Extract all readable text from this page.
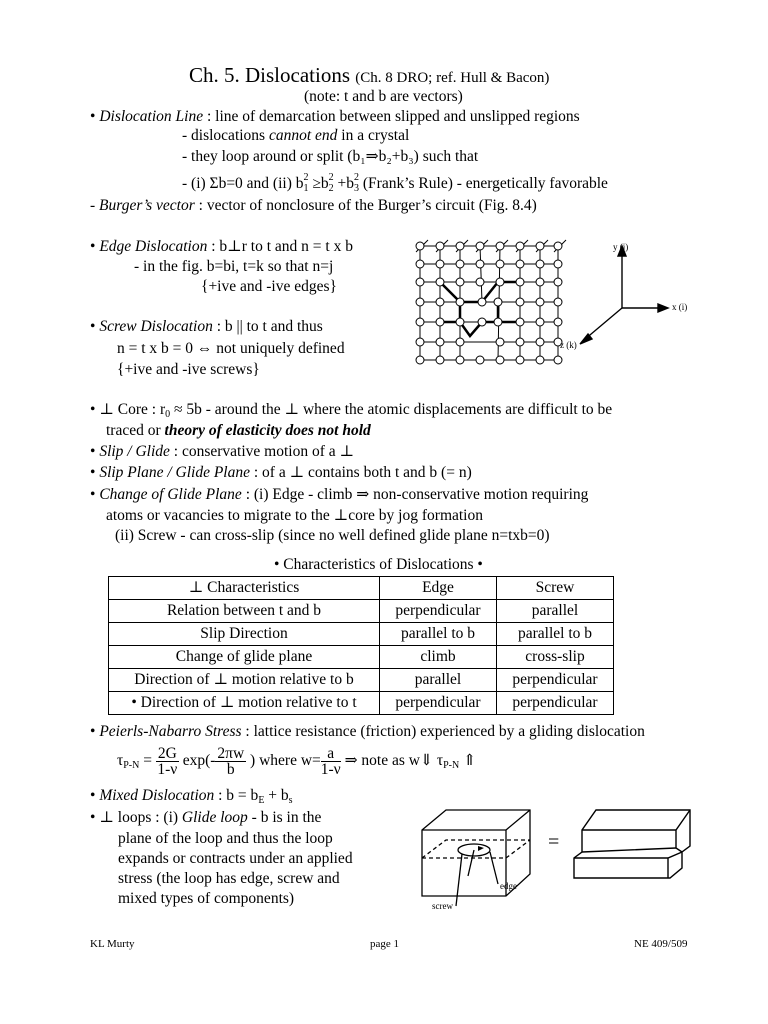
Ch. 5. Dislocations (Ch. 8 DRO; ref. Hull & Bacon)
(note: t and b are vectors)
• Dislocation Line : line of demarcation between slipped and unslipped regions
- dislocations cannot end in a crystal
- they loop around or split (b₁⇒b₂+b₃) such that
- (i) Σb=0 and (ii) b 2
$_1$ ≥b 2
$_2$ +b 2
$_3$ (Frank’s Rule) - energetically favorable
- Burger’s vector : vector of nonclosure of the Burger’s circuit (Fig. 8.4)
• Edge Dislocation : b⊥r to t and n = t x b
- in the fig. b=bi, t=k so that n=j
{+ive and -ive edges}
• Screw Dislocation : b || to t and thus
n = t x b = 0 ⇔ not uniquely defined
{+ive and -ive screws}
y (j)
x (i)
z (k)
• ⊥ Core : $r_0 \approx 5b$ - around the ⊥ where the atomic displacements are difficult to be
traced or theory of elasticity does not hold
• Slip / Glide : conservative motion of a ⊥
• Slip Plane / Glide Plane : of a ⊥ contains both t and b (= n)
• Change of Glide Plane : (i) Edge - climb ⇒ non-conservative motion requiring
atoms or vacancies to migrate to the ⊥core by jog formation
(ii) Screw - can cross-slip (since no well defined glide plane n=txb=0)
• Characteristics of Dislocations •
⊥ Characteristics	Edge	Screw
Relation between t and b	perpendicular	parallel
Slip Direction	parallel to b	parallel to b
Change of glide plane	climb	cross-slip
Direction of ⊥ motion relative to b	parallel	perpendicular
• Direction of ⊥ motion relative to t	perpendicular	perpendicular
• Peierls-Nabarro Stress : lattice resistance (friction) experienced by a gliding dislocation
$\tau_{P-N} = \frac{2G}{1-\nu} \exp(- \frac{2\pi w}{b}$ ) where $w= \frac{a}{1-\nu}$ ⇒ note as w⇓ $\tau_{P-N}$ ⇑
• Mixed Dislocation : $b = b_E + b_s$
• ⊥ loops : (i) Glide loop - b is in the
plane of the loop and thus the loop
expands or contracts under an applied
stress (the loop has edge, screw and
mixed types of components)
edge
screw
=
KL Murty	page 1	NE 409/509
